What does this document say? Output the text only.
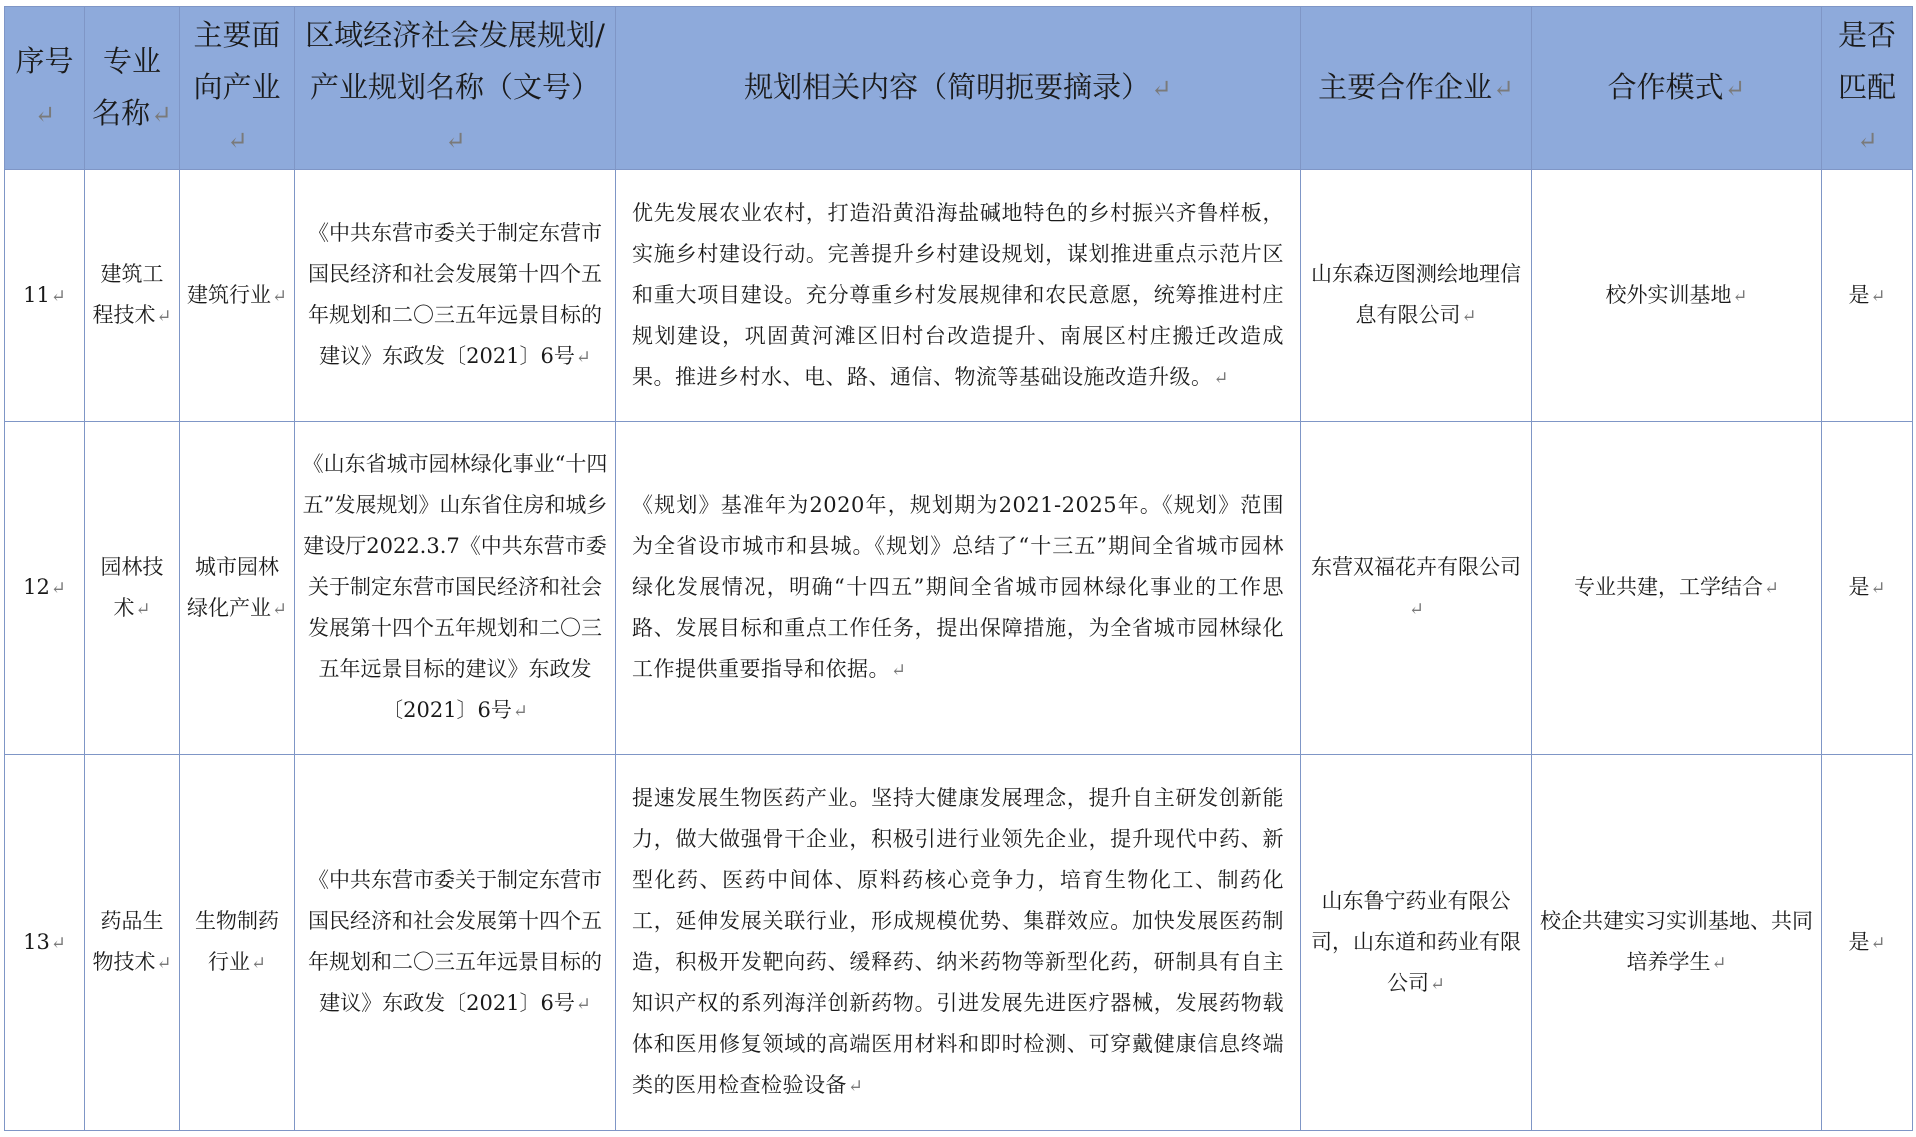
序号↵	专业名称↵	主要面向产业↵	区域经济社会发展规划/产业规划名称（文号）↵	规划相关内容（简明扼要摘录）↵	主要合作企业↵	合作模式↵	是否匹配↵
11↵	建筑工程技术↵	建筑行业↵	《中共东营市委关于制定东营市国民经济和社会发展第十四个五年规划和二〇三五年远景目标的建议》东政发〔2021〕6号↵	优先发展农业农村，打造沿黄沿海盐碱地特色的乡村振兴齐鲁样板，实施乡村建设行动。完善提升乡村建设规划，谋划推进重点示范片区和重大项目建设。充分尊重乡村发展规律和农民意愿，统筹推进村庄规划建设，巩固黄河滩区旧村台改造提升、南展区村庄搬迁改造成果。推进乡村水、电、路、通信、物流等基础设施改造升级。↵	山东森迈图测绘地理信息有限公司↵	校外实训基地↵	是↵
12↵	园林技术↵	城市园林绿化产业↵	《山东省城市园林绿化事业“十四五”发展规划》山东省住房和城乡建设厅2022.3.7《中共东营市委关于制定东营市国民经济和社会发展第十四个五年规划和二〇三五年远景目标的建议》东政发〔2021〕6号↵	《规划》基准年为2020年，规划期为2021-2025年。《规划》范围为全省设市城市和县城。《规划》总结了“十三五”期间全省城市园林绿化发展情况，明确“十四五”期间全省城市园林绿化事业的工作思路、发展目标和重点工作任务，提出保障措施，为全省城市园林绿化工作提供重要指导和依据。↵	东营双福花卉有限公司↵	专业共建，工学结合↵	是↵
13↵	药品生物技术↵	生物制药行业↵	《中共东营市委关于制定东营市国民经济和社会发展第十四个五年规划和二〇三五年远景目标的建议》东政发〔2021〕6号↵	提速发展生物医药产业。坚持大健康发展理念，提升自主研发创新能力，做大做强骨干企业，积极引进行业领先企业，提升现代中药、新型化药、医药中间体、原料药核心竞争力，培育生物化工、制药化工，延伸发展关联行业，形成规模优势、集群效应。加快发展医药制造，积极开发靶向药、缓释药、纳米药物等新型化药，研制具有自主知识产权的系列海洋创新药物。引进发展先进医疗器械，发展药物载体和医用修复领域的高端医用材料和即时检测、可穿戴健康信息终端类的医用检查检验设备↵	山东鲁宁药业有限公司，山东道和药业有限公司↵	校企共建实习实训基地、共同培养学生↵	是↵
